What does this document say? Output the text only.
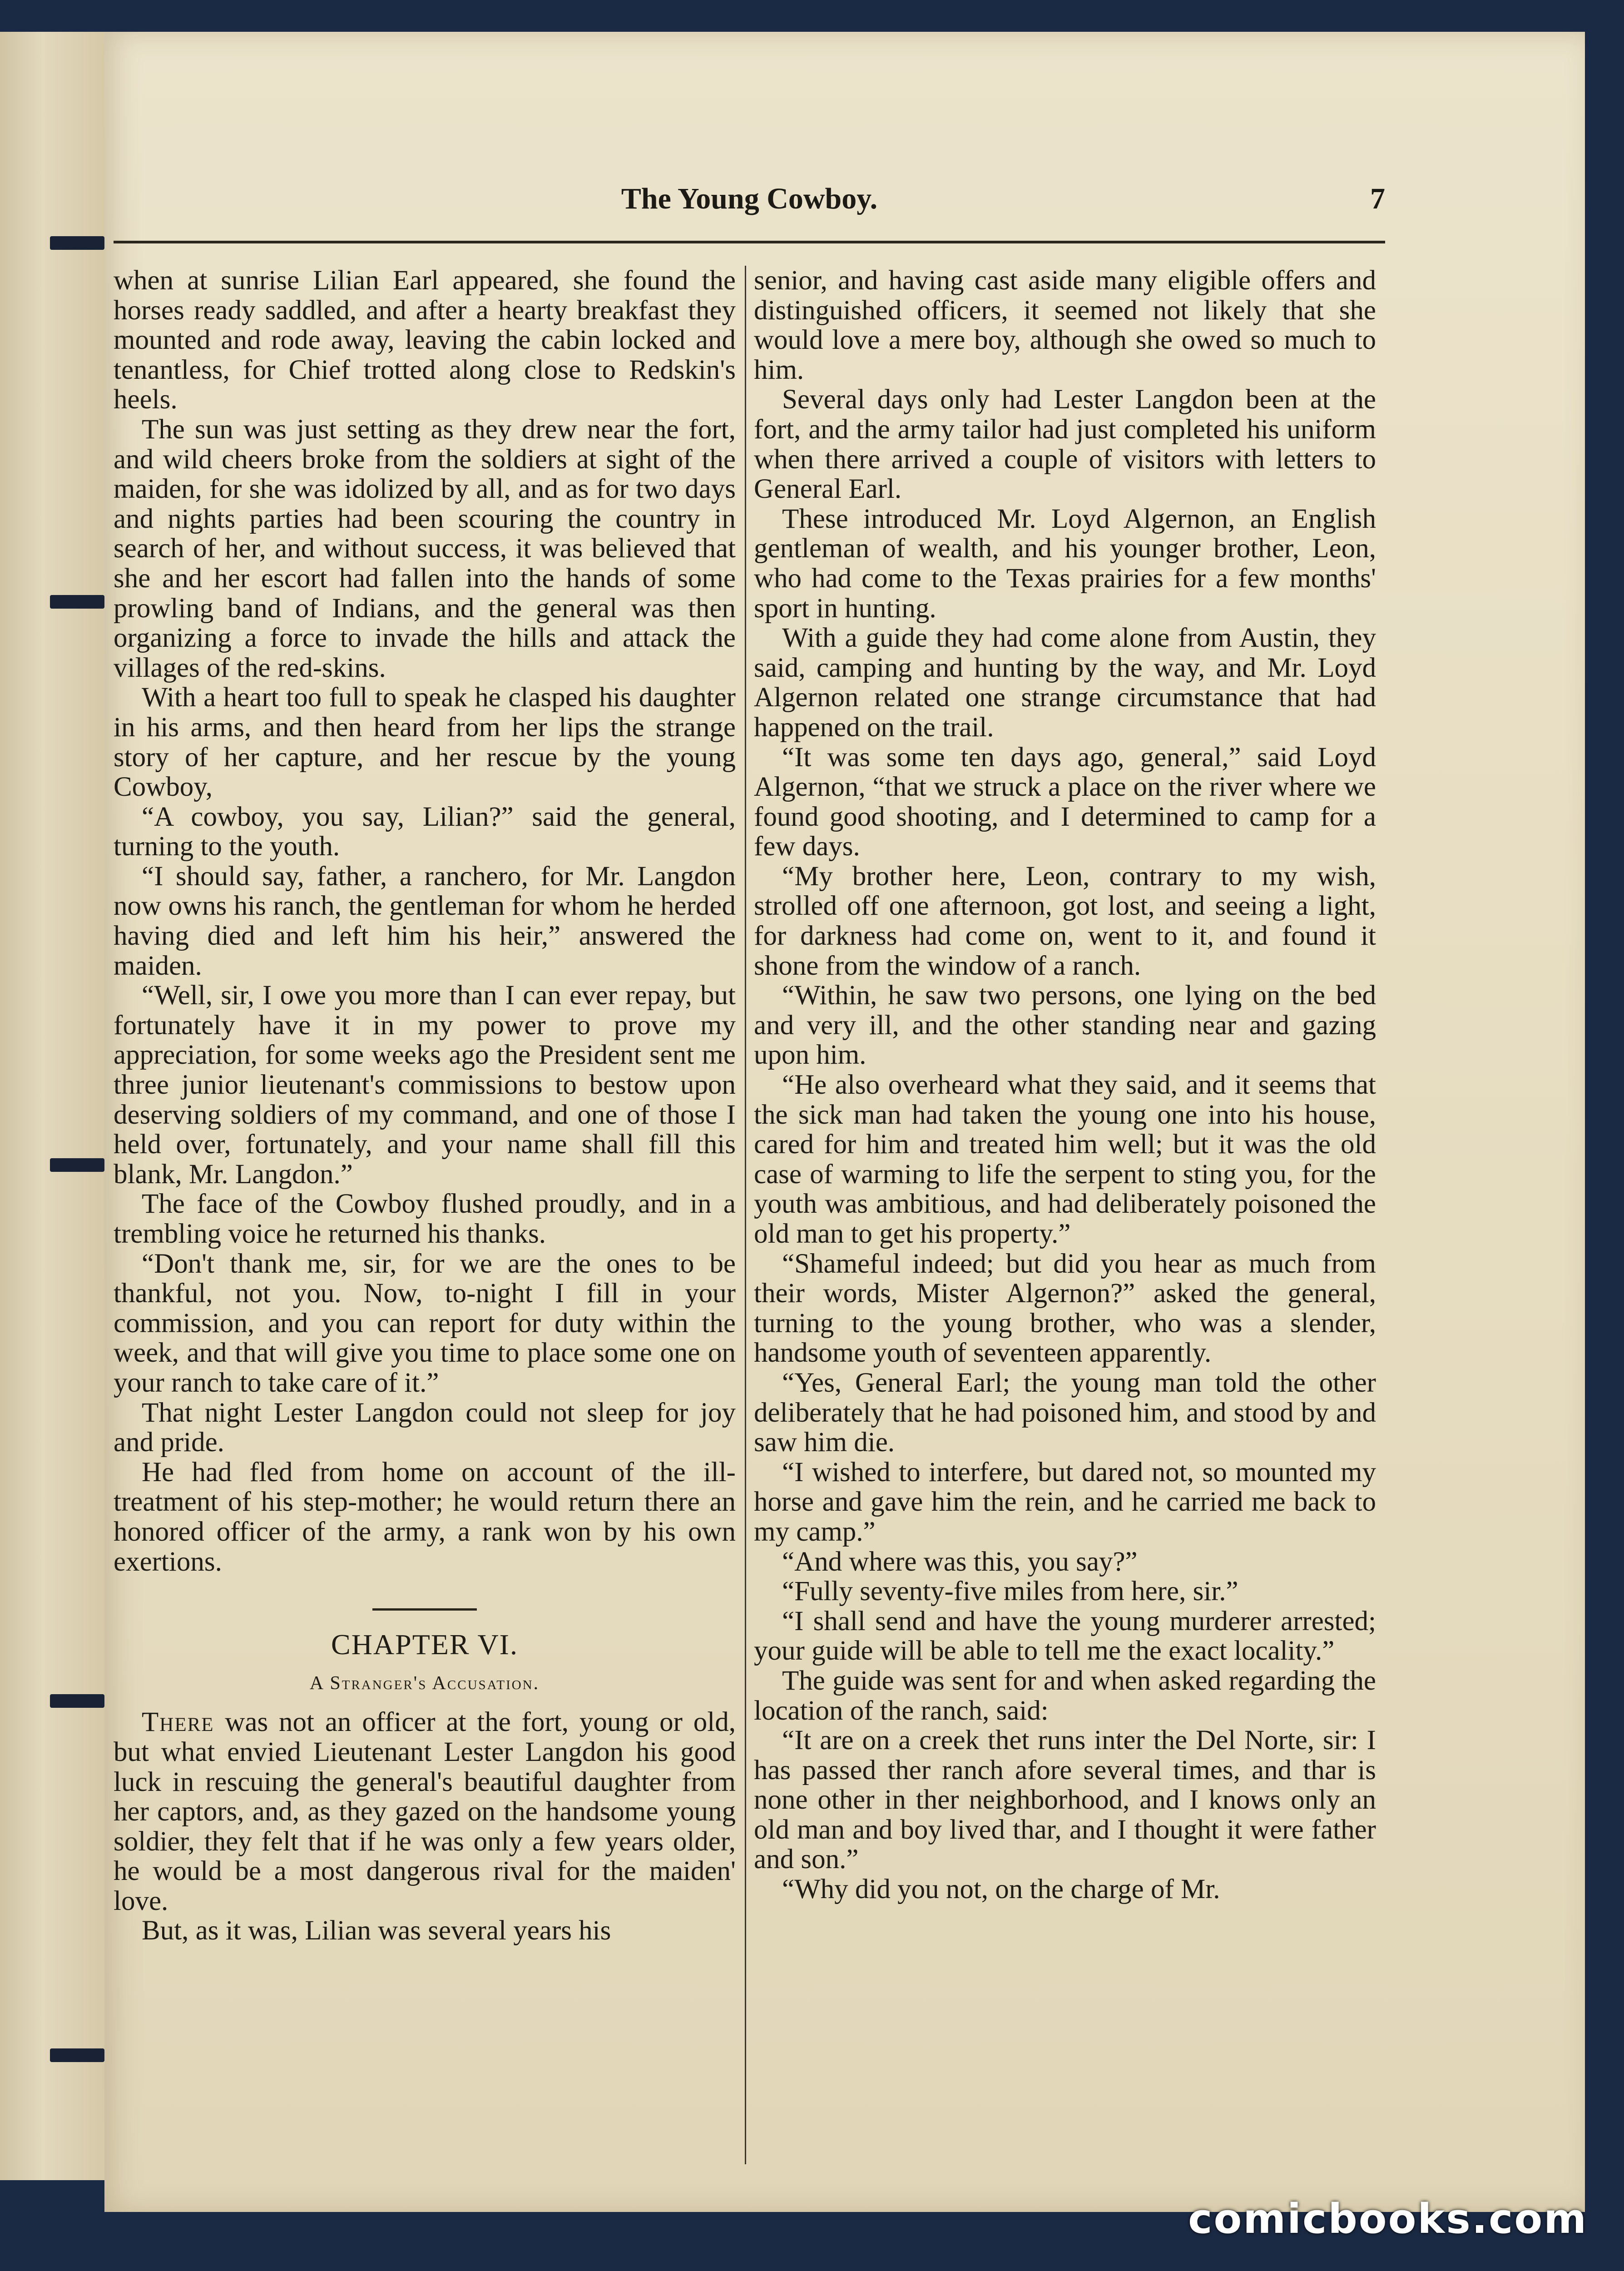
The Young Cowboy.	7

when at sunrise Lilian Earl appeared, she found the horses ready saddled, and after a hearty breakfast they mounted and rode away, leaving the cabin locked and tenantless, for Chief trotted along close to Redskin's heels.

The sun was just setting as they drew near the fort, and wild cheers broke from the soldiers at sight of the maiden, for she was idolized by all, and as for two days and nights parties had been scouring the country in search of her, and without success, it was believed that she and her escort had fallen into the hands of some prowling band of Indians, and the general was then organizing a force to invade the hills and attack the villages of the red-skins.

With a heart too full to speak he clasped his daughter in his arms, and then heard from her lips the strange story of her capture, and her rescue by the young Cowboy,

“A cowboy, you say, Lilian?” said the general, turning to the youth.

“I should say, father, a ranchero, for Mr. Langdon now owns his ranch, the gentleman for whom he herded having died and left him his heir,” answered the maiden.

“Well, sir, I owe you more than I can ever repay, but fortunately have it in my power to prove my appreciation, for some weeks ago the President sent me three junior lieutenant's commissions to bestow upon deserving soldiers of my command, and one of those I held over, fortunately, and your name shall fill this blank, Mr. Langdon.”

The face of the Cowboy flushed proudly, and in a trembling voice he returned his thanks.

“Don't thank me, sir, for we are the ones to be thankful, not you. Now, to-night I fill in your commission, and you can report for duty within the week, and that will give you time to place some one on your ranch to take care of it.”

That night Lester Langdon could not sleep for joy and pride.

He had fled from home on account of the ill-treatment of his step-mother; he would return there an honored officer of the army, a rank won by his own exertions.

CHAPTER VI.
A Stranger's Accusation.

There was not an officer at the fort, young or old, but what envied Lieutenant Lester Langdon his good luck in rescuing the general's beautiful daughter from her captors, and, as they gazed on the handsome young soldier, they felt that if he was only a few years older, he would be a most dangerous rival for the maiden' love.

But, as it was, Lilian was several years his

senior, and having cast aside many eligible offers and distinguished officers, it seemed not likely that she would love a mere boy, although she owed so much to him.

Several days only had Lester Langdon been at the fort, and the army tailor had just completed his uniform when there arrived a couple of visitors with letters to General Earl.

These introduced Mr. Loyd Algernon, an English gentleman of wealth, and his younger brother, Leon, who had come to the Texas prairies for a few months' sport in hunting.

With a guide they had come alone from Austin, they said, camping and hunting by the way, and Mr. Loyd Algernon related one strange circumstance that had happened on the trail.

“It was some ten days ago, general,” said Loyd Algernon, “that we struck a place on the river where we found good shooting, and I determined to camp for a few days.

“My brother here, Leon, contrary to my wish, strolled off one afternoon, got lost, and seeing a light, for darkness had come on, went to it, and found it shone from the window of a ranch.

“Within, he saw two persons, one lying on the bed and very ill, and the other standing near and gazing upon him.

“He also overheard what they said, and it seems that the sick man had taken the young one into his house, cared for him and treated him well; but it was the old case of warming to life the serpent to sting you, for the youth was ambitious, and had deliberately poisoned the old man to get his property.”

“Shameful indeed; but did you hear as much from their words, Mister Algernon?” asked the general, turning to the young brother, who was a slender, handsome youth of seventeen apparently.

“Yes, General Earl; the young man told the other deliberately that he had poisoned him, and stood by and saw him die.

“I wished to interfere, but dared not, so mounted my horse and gave him the rein, and he carried me back to my camp.”

“And where was this, you say?”

“Fully seventy-five miles from here, sir.”

“I shall send and have the young murderer arrested; your guide will be able to tell me the exact locality.”

The guide was sent for and when asked regarding the location of the ranch, said:

“It are on a creek thet runs inter the Del Norte, sir: I has passed ther ranch afore several times, and thar is none other in ther neighborhood, and I knows only an old man and boy lived thar, and I thought it were father and son.”

“Why did you not, on the charge of Mr.

comicbooks.com
